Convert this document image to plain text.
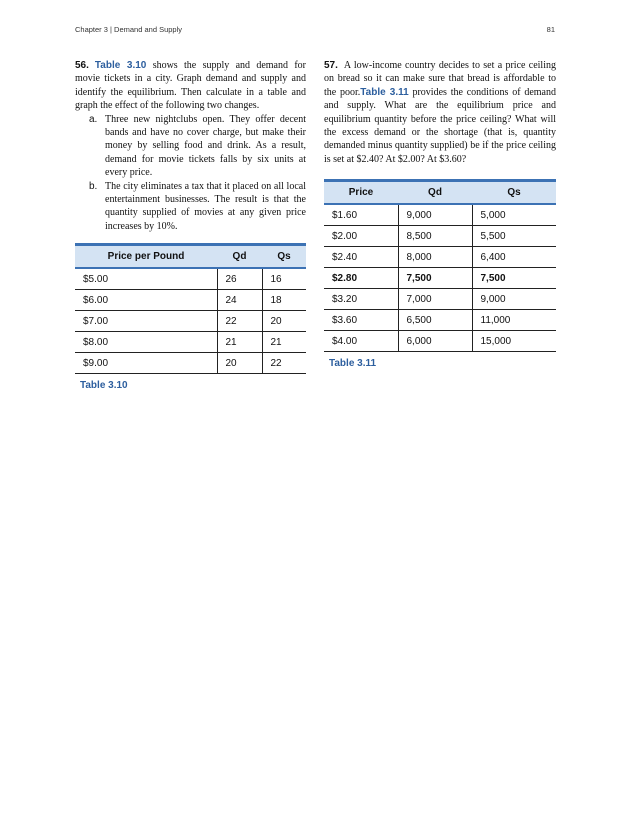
Chapter 3 | Demand and Supply	81

56. Table 3.10 shows the supply and demand for movie tickets in a city. Graph demand and supply and identify the equilibrium. Then calculate in a table and graph the effect of the following two changes.

a. Three new nightclubs open. They offer decent bands and have no cover charge, but make their money by selling food and drink. As a result, demand for movie tickets falls by six units at every price.
b. The city eliminates a tax that it placed on all local entertainment businesses. The result is that the quantity supplied of movies at any given price increases by 10%.
Price per Pound	Qd	Qs
$5.00	26	16
$6.00	24	18
$7.00	22	20
$8.00	21	21
$9.00	20	22
Table 3.10

57. A low-income country decides to set a price ceiling on bread so it can make sure that bread is affordable to the poor.Table 3.11 provides the conditions of demand and supply. What are the equilibrium price and equilibrium quantity before the price ceiling? What will the excess demand or the shortage (that is, quantity demanded minus quantity supplied) be if the price ceiling is set at $2.40? At $2.00? At $3.60?

Price	Qd	Qs
$1.60	9,000	5,000
$2.00	8,500	5,500
$2.40	8,000	6,400
$2.80	7,500	7,500
$3.20	7,000	9,000
$3.60	6,500	11,000
$4.00	6,000	15,000
Table 3.11
